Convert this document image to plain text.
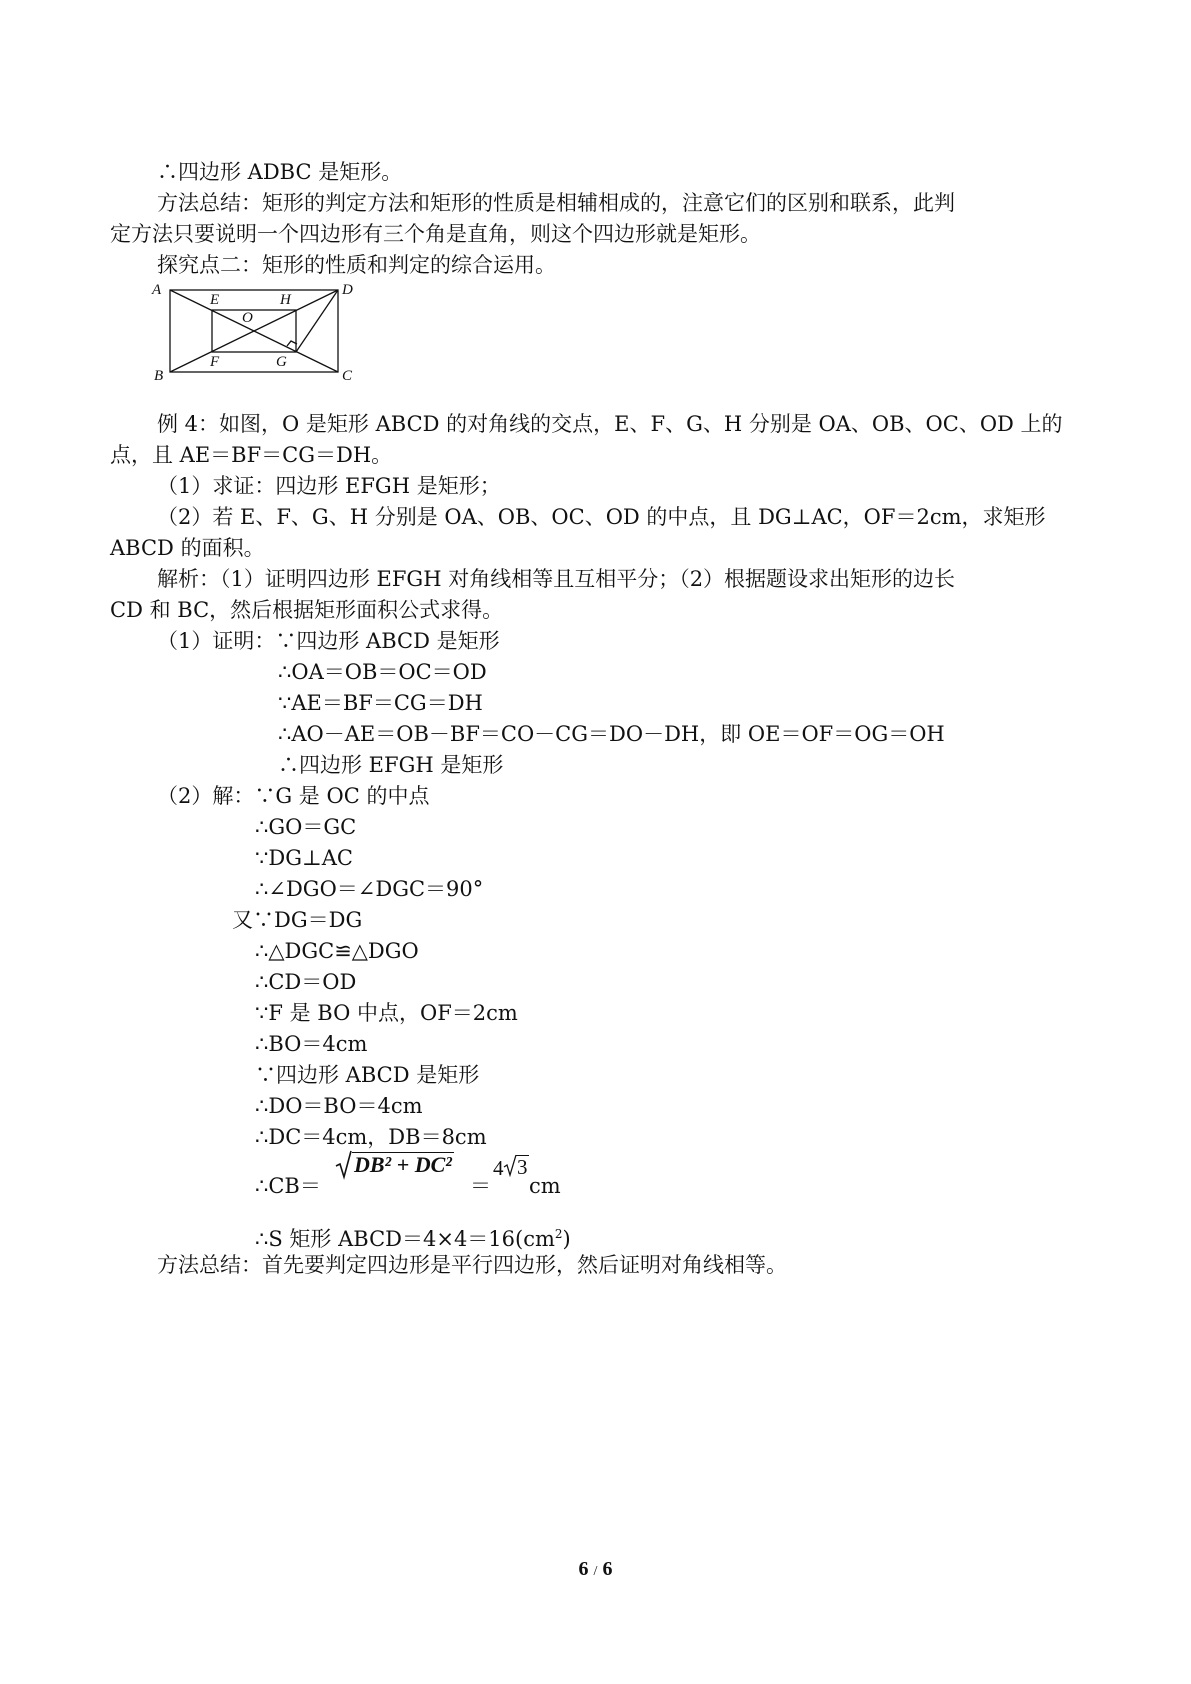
∴四边形 ADBC 是矩形。
方法总结：矩形的判定方法和矩形的性质是相辅相成的，注意它们的区别和联系，此判
定方法只要说明一个四边形有三个角是直角，则这个四边形就是矩形。
探究点二：矩形的性质和判定的综合运用。
A	D
B	C
E	H
O
F	G
例 4：如图，O 是矩形 ABCD 的对角线的交点，E、F、G、H 分别是 OA、OB、OC、OD 上的
点，且 AE＝BF＝CG＝DH。
（1）求证：四边形 EFGH 是矩形；
（2）若 E、F、G、H 分别是 OA、OB、OC、OD 的中点，且 DG⊥AC，OF＝2cm，求矩形
ABCD 的面积。
解析：（1）证明四边形 EFGH 对角线相等且互相平分；（2）根据题设求出矩形的边长
CD 和 BC，然后根据矩形面积公式求得。
（1）证明：∵四边形 ABCD 是矩形
∴OA＝OB＝OC＝OD
∵AE＝BF＝CG＝DH
∴AO－AE＝OB－BF＝CO－CG＝DO－DH，即 OE＝OF＝OG＝OH
∴四边形 EFGH 是矩形
（2）解：∵G 是 OC 的中点
∴GO＝GC
∵DG⊥AC
∴∠DGO＝∠DGC＝90°
又∵DG＝DG
∴△DGC≌△DGO
∴CD＝OD
∵F 是 BO 中点，OF＝2cm
∴BO＝4cm
∵四边形 ABCD 是矩形
∴DO＝BO＝4cm
∴DC＝4cm，DB＝8cm
∴CB＝
DB² + DC²
＝
4 3
cm
∴S 矩形 $ABCD=4\times 4=16(cm^2)$
方法总结：首先要判定四边形是平行四边形，然后证明对角线相等。
6 / 6
